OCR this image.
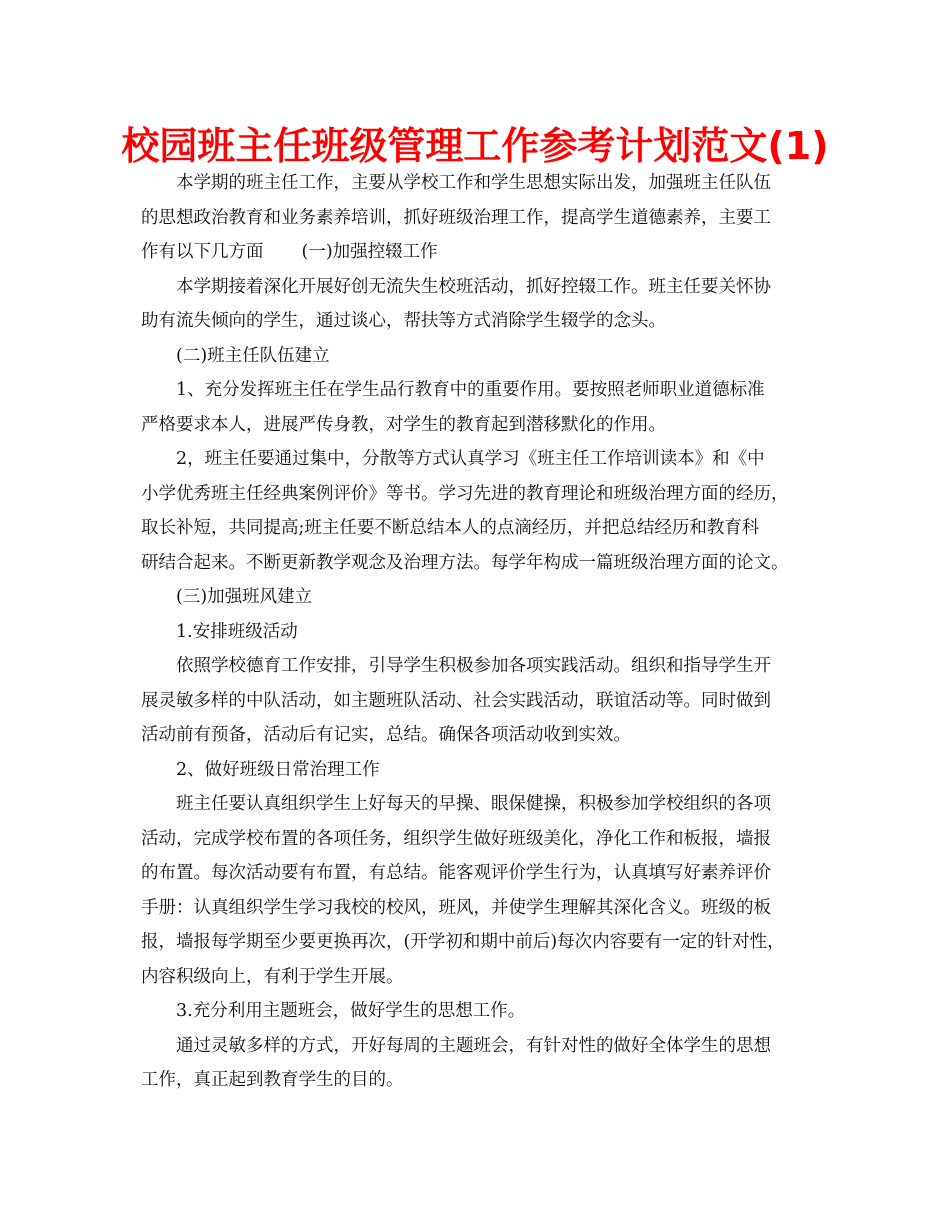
校园班主任班级管理工作参考计划范文(1)
本学期的班主任工作，主要从学校工作和学生思想实际出发，加强班主任队伍
的思想政治教育和业务素养培训，抓好班级治理工作，提高学生道德素养，主要工
作有以下几方面 (一)加强控辍工作
本学期接着深化开展好创无流失生校班活动，抓好控辍工作。班主任要关怀协
助有流失倾向的学生，通过谈心，帮扶等方式消除学生辍学的念头。
(二)班主任队伍建立
1、充分发挥班主任在学生品行教育中的重要作用。要按照老师职业道德标准
严格要求本人，进展严传身教，对学生的教育起到潜移默化的作用。
2，班主任要通过集中，分散等方式认真学习《班主任工作培训读本》和《中
小学优秀班主任经典案例评价》等书。学习先进的教育理论和班级治理方面的经历，
取长补短，共同提高;班主任要不断总结本人的点滴经历，并把总结经历和教育科
研结合起来。不断更新教学观念及治理方法。每学年构成一篇班级治理方面的论文。
(三)加强班风建立
1.安排班级活动
依照学校德育工作安排，引导学生积极参加各项实践活动。组织和指导学生开
展灵敏多样的中队活动，如主题班队活动、社会实践活动，联谊活动等。同时做到
活动前有预备，活动后有记实，总结。确保各项活动收到实效。
2、做好班级日常治理工作
班主任要认真组织学生上好每天的早操、眼保健操，积极参加学校组织的各项
活动，完成学校布置的各项任务，组织学生做好班级美化，净化工作和板报，墙报
的布置。每次活动要有布置，有总结。能客观评价学生行为，认真填写好素养评价
手册：认真组织学生学习我校的校风，班风，并使学生理解其深化含义。班级的板
报，墙报每学期至少要更换再次，(开学初和期中前后)每次内容要有一定的针对性，
内容积级向上，有利于学生开展。
3.充分利用主题班会，做好学生的思想工作。
通过灵敏多样的方式，开好每周的主题班会，有针对性的做好全体学生的思想
工作，真正起到教育学生的目的。
